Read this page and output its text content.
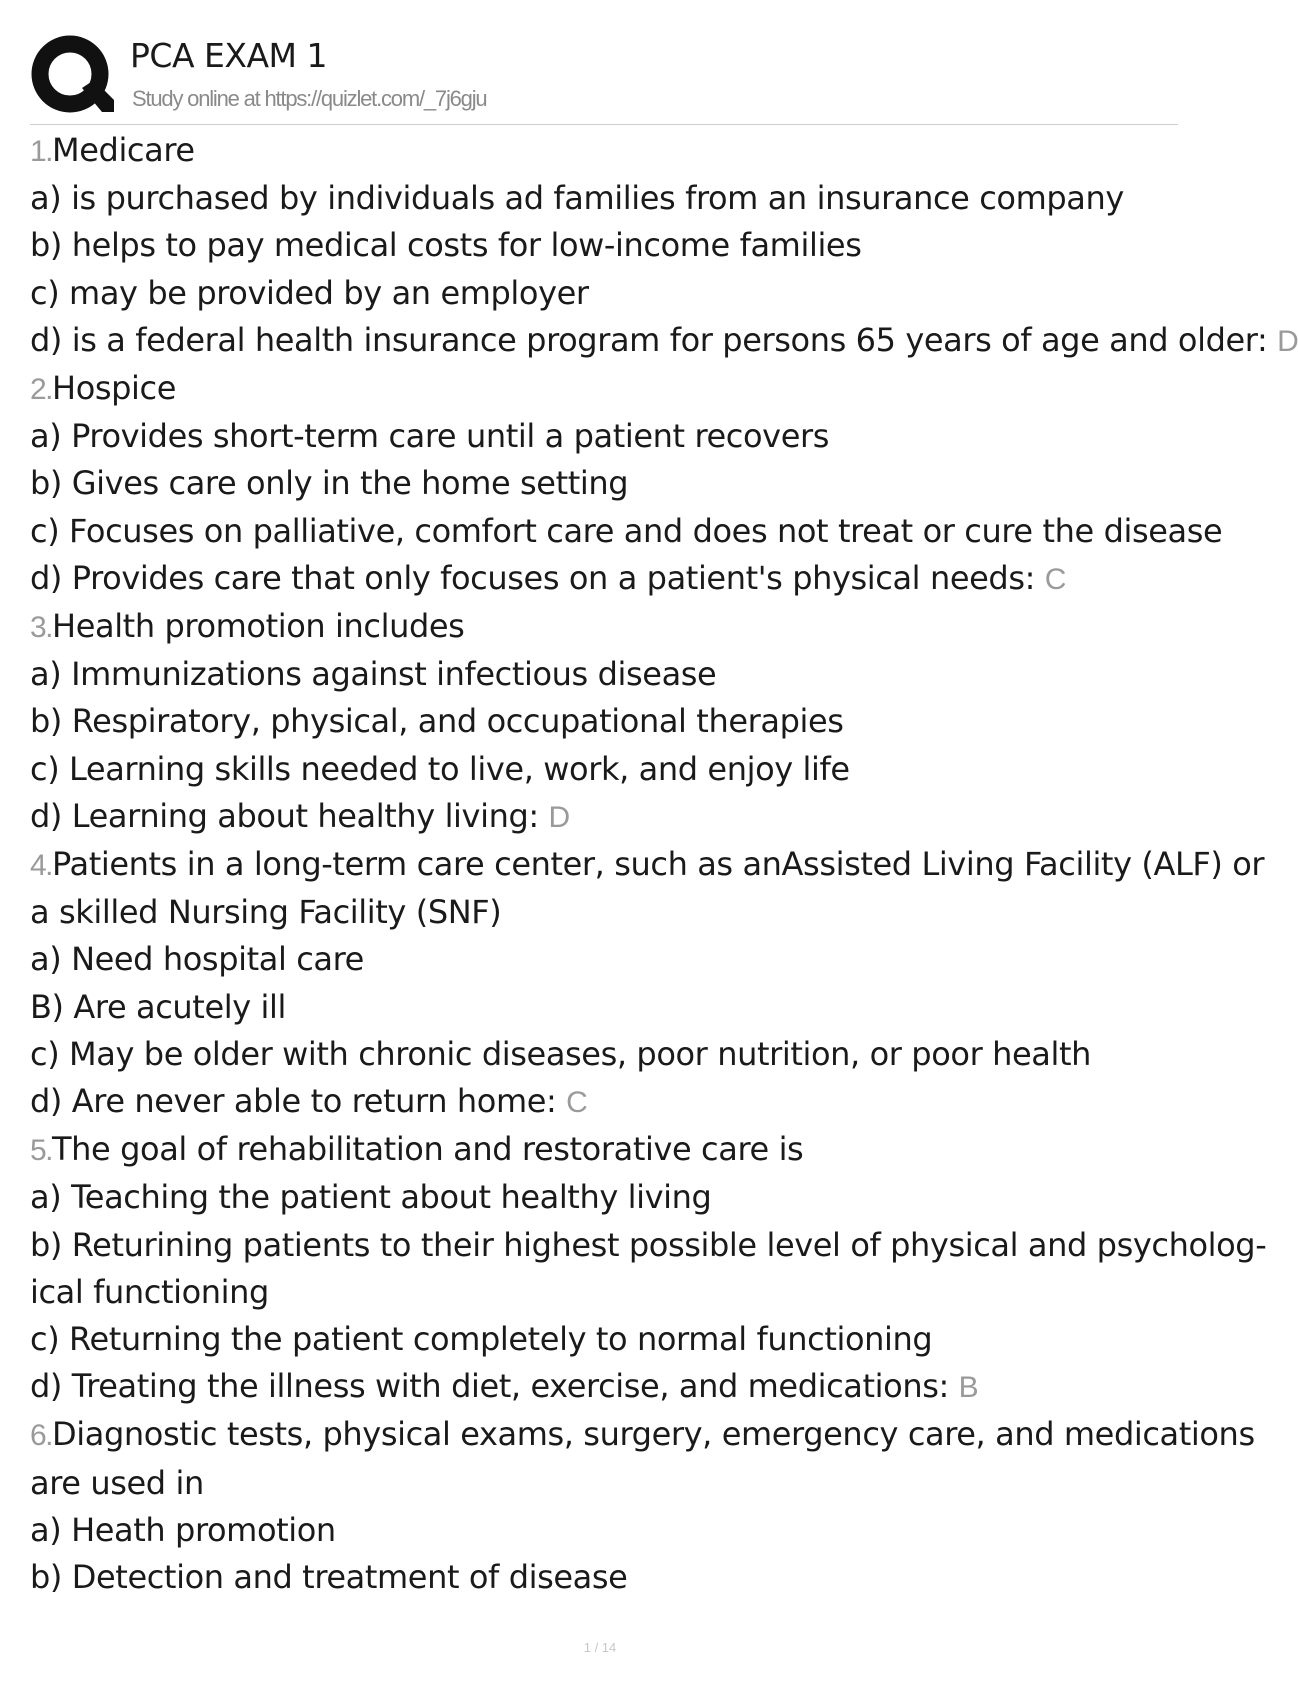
PCA EXAM 1
Study online at https://quizlet.com/_7j6gju
1.Medicare
a) is purchased by individuals ad families from an insurance company
b) helps to pay medical costs for low-income families
c) may be provided by an employer
d) is a federal health insurance program for persons 65 years of age and older: D
2.Hospice
a) Provides short-term care until a patient recovers
b) Gives care only in the home setting
c) Focuses on palliative, comfort care and does not treat or cure the disease
d) Provides care that only focuses on a patient's physical needs: C
3.Health promotion includes
a) Immunizations against infectious disease
b) Respiratory, physical, and occupational therapies
c) Learning skills needed to live, work, and enjoy life
d) Learning about healthy living: D
4.Patients in a long-term care center, such as anAssisted Living Facility (ALF) or
a skilled Nursing Facility (SNF)
a) Need hospital care
B) Are acutely ill
c) May be older with chronic diseases, poor nutrition, or poor health
d) Are never able to return home: C
5.The goal of rehabilitation and restorative care is
a) Teaching the patient about healthy living
b) Returining patients to their highest possible level of physical and psycholog-
ical functioning
c) Returning the patient completely to normal functioning
d) Treating the illness with diet, exercise, and medications: B
6.Diagnostic tests, physical exams, surgery, emergency care, and medications
are used in
a) Heath promotion
b) Detection and treatment of disease
1 / 14
